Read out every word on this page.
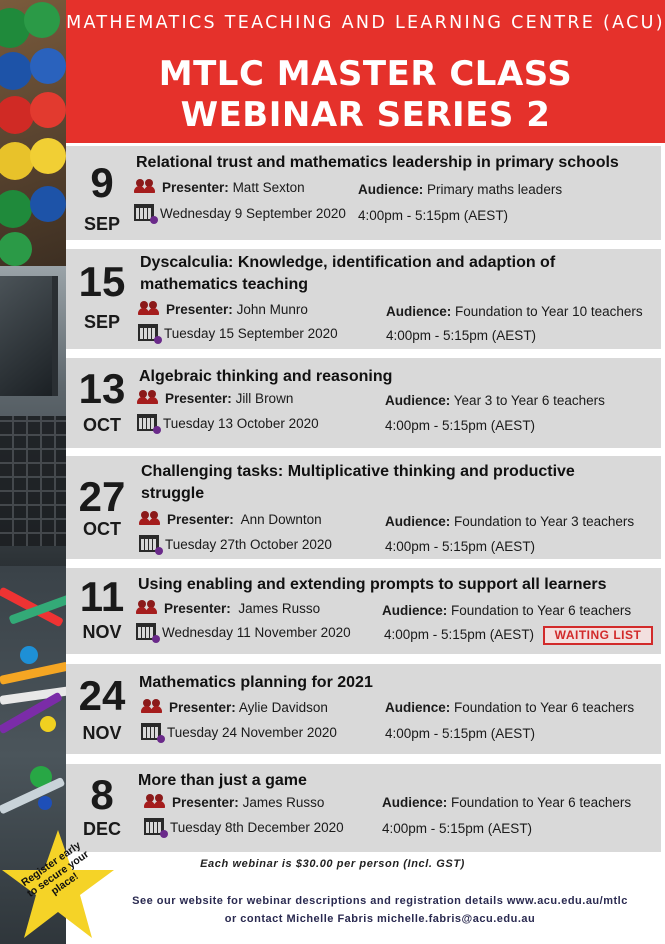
MATHEMATICS TEACHING AND LEARNING CENTRE (ACU)
MTLC MASTER CLASS
WEBINAR SERIES 2
9
SEP
Relational trust and mathematics leadership in primary schools
Presenter: Matt Sexton	Audience: Primary maths leaders
Wednesday 9 September 2020 4:00pm - 5:15pm (AEST)
15
SEP
Dyscalculia: Knowledge, identification and adaption of mathematics teaching
Presenter: John Munro	Audience: Foundation to Year 10 teachers
Tuesday 15 September 2020	4:00pm - 5:15pm (AEST)
13
OCT
Algebraic thinking and reasoning
Presenter: Jill Brown	Audience: Year 3 to Year 6 teachers
Tuesday 13 October 2020	4:00pm - 5:15pm (AEST)
27
OCT
Challenging tasks: Multiplicative thinking and productive struggle
Presenter: Ann Downton	Audience: Foundation to Year 3 teachers
Tuesday 27th October 2020	4:00pm - 5:15pm (AEST)
11
NOV
Using enabling and extending prompts to support all learners
Presenter: James Russo	Audience: Foundation to Year 6 teachers
Wednesday 11 November 2020 4:00pm - 5:15pm (AEST)	WAITING LIST
24
NOV
Mathematics planning for 2021
Presenter: Aylie Davidson	Audience: Foundation to Year 6 teachers
Tuesday 24 November 2020	4:00pm - 5:15pm (AEST)
8
DEC
More than just a game
Presenter: James Russo	Audience: Foundation to Year 6 teachers
Tuesday 8th December 2020	4:00pm - 5:15pm (AEST)
Each webinar is $30.00 per person (Incl. GST)
See our website for webinar descriptions and registration details www.acu.edu.au/mtlc
or contact Michelle Fabris michelle.fabris@acu.edu.au
Register early to secure your place!
